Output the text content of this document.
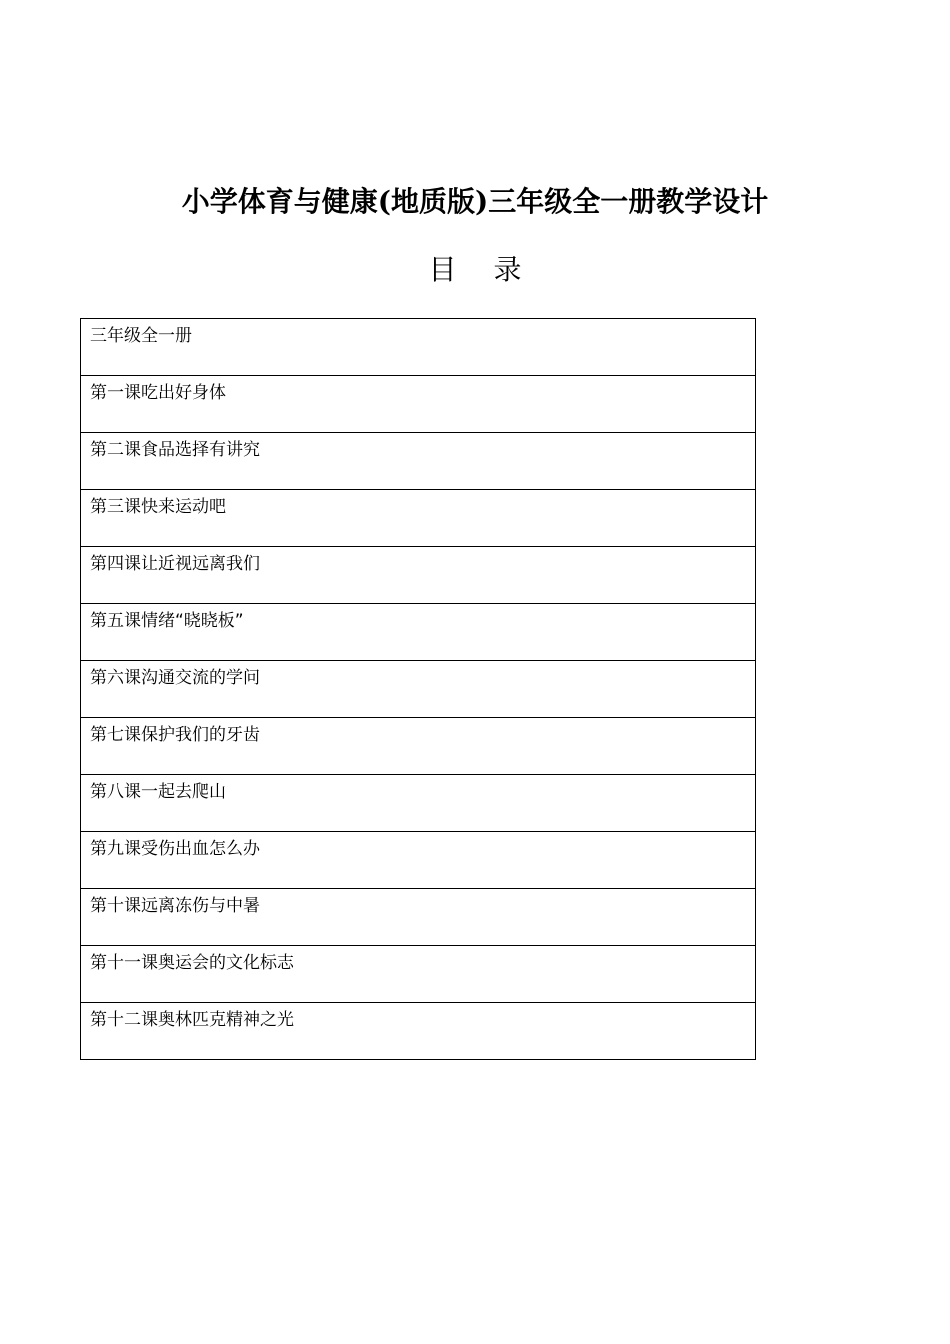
小学体育与健康(地质版)三年级全一册教学设计
目 录
三年级全一册
第一课吃出好身体
第二课食品选择有讲究
第三课快来运动吧
第四课让近视远离我们
第五课情绪“晓晓板”
第六课沟通交流的学问
第七课保护我们的牙齿
第八课一起去爬山
第九课受伤出血怎么办
第十课远离冻伤与中暑
第十一课奥运会的文化标志
第十二课奥林匹克精神之光
